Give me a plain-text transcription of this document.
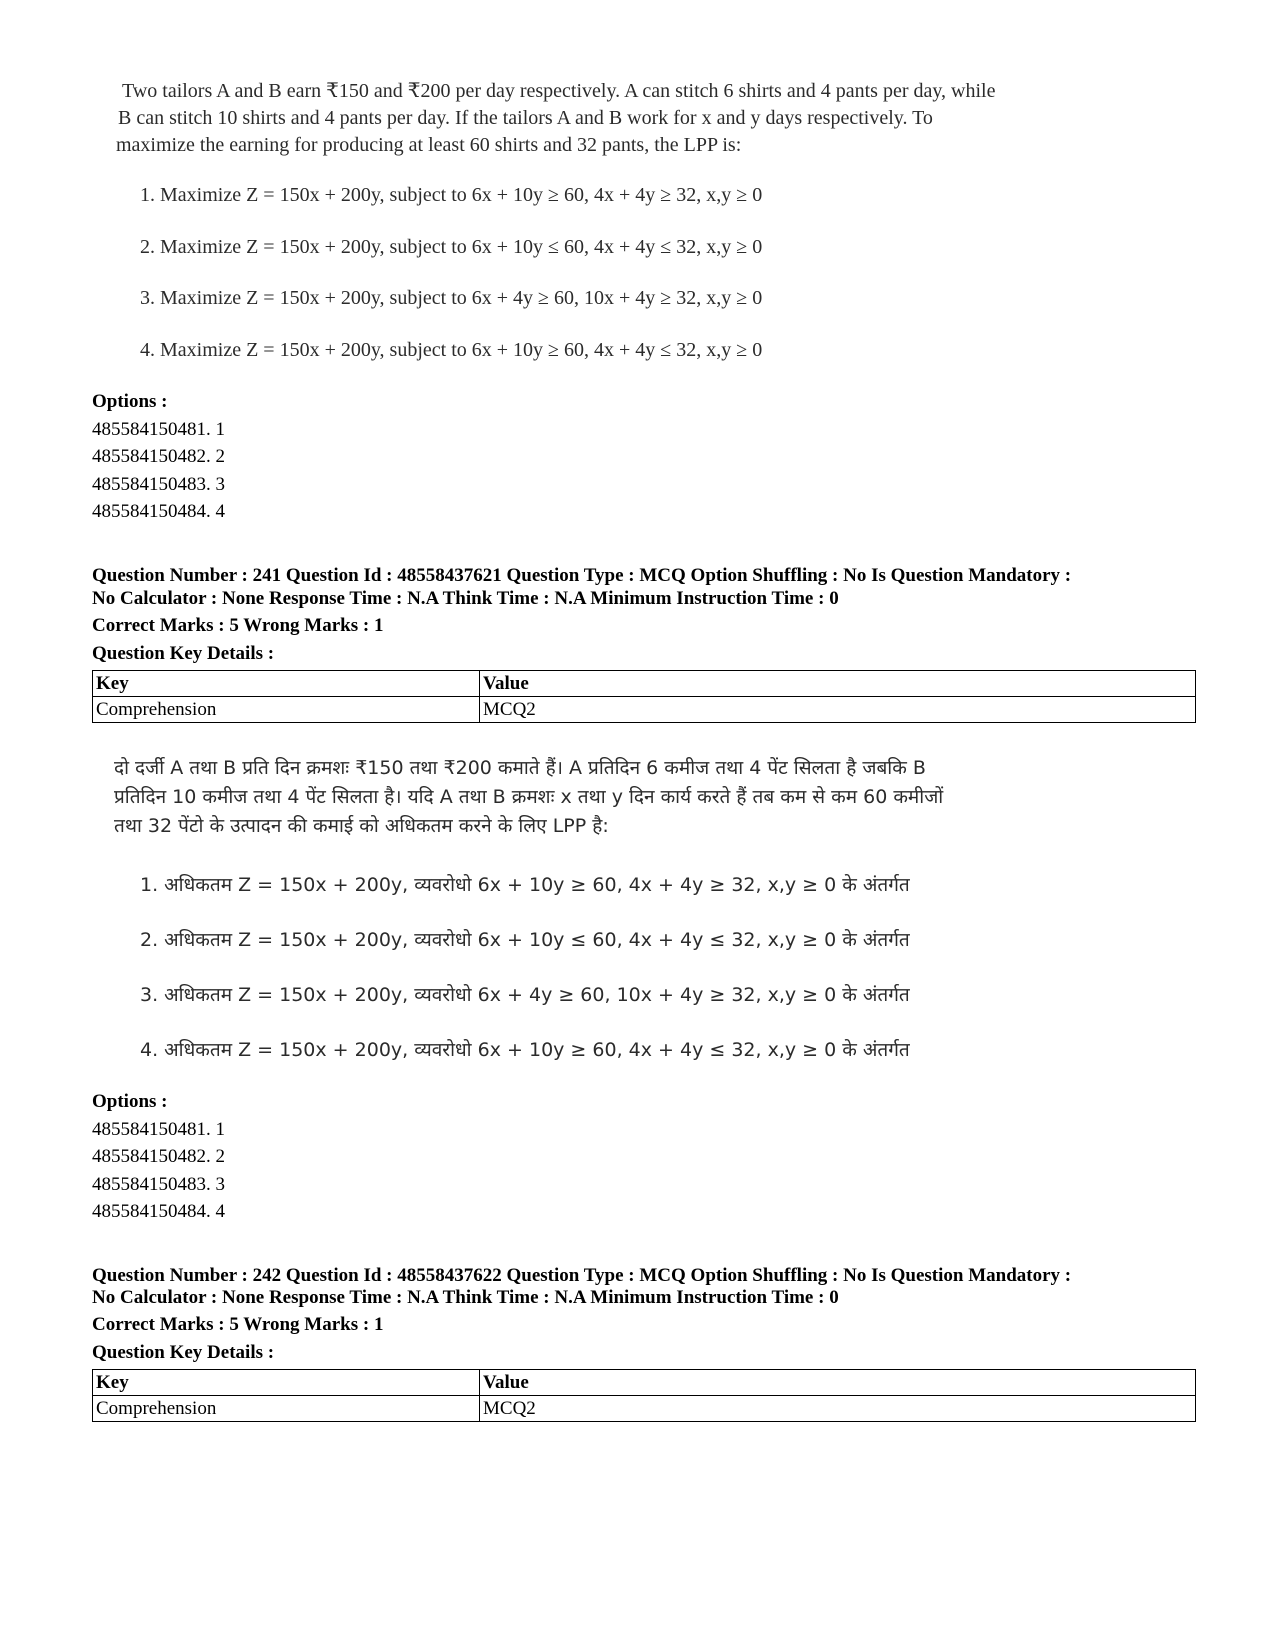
Two tailors A and B earn ₹150 and ₹200 per day respectively. A can stitch 6 shirts and 4 pants per day, while

B can stitch 10 shirts and 4 pants per day. If the tailors A and B work for x and y days respectively. To

maximize the earning for producing at least 60 shirts and 32 pants, the LPP is:

1. Maximize Z = 150x + 200y, subject to 6x + 10y ≥ 60, 4x + 4y ≥ 32, x,y ≥ 0

2. Maximize Z = 150x + 200y, subject to 6x + 10y ≤ 60, 4x + 4y ≤ 32, x,y ≥ 0

3. Maximize Z = 150x + 200y, subject to 6x + 4y ≥ 60, 10x + 4y ≥ 32, x,y ≥ 0

4. Maximize Z = 150x + 200y, subject to 6x + 10y ≥ 60, 4x + 4y ≤ 32, x,y ≥ 0

Options :

485584150481. 1

485584150482. 2

485584150483. 3

485584150484. 4

Question Number : 241 Question Id : 48558437621 Question Type : MCQ Option Shuffling : No Is Question Mandatory :

No Calculator : None Response Time : N.A Think Time : N.A Minimum Instruction Time : 0

Correct Marks : 5 Wrong Marks : 1

Question Key Details :

Key	Value
Comprehension	MCQ2

दो दर्जी A तथा B प्रति दिन क्रमशः ₹150 तथा ₹200 कमाते हैं। A प्रतिदिन 6 कमीज तथा 4 पेंट सिलता है जबकि B

प्रतिदिन 10 कमीज तथा 4 पेंट सिलता है। यदि A तथा B क्रमशः x तथा y दिन कार्य करते हैं तब कम से कम 60 कमीजों

तथा 32 पेंटो के उत्पादन की कमाई को अधिकतम करने के लिए LPP है:

1. अधिकतम Z = 150x + 200y, व्यवरोधो 6x + 10y ≥ 60, 4x + 4y ≥ 32, x,y ≥ 0 के अंतर्गत

2. अधिकतम Z = 150x + 200y, व्यवरोधो 6x + 10y ≤ 60, 4x + 4y ≤ 32, x,y ≥ 0 के अंतर्गत

3. अधिकतम Z = 150x + 200y, व्यवरोधो 6x + 4y ≥ 60, 10x + 4y ≥ 32, x,y ≥ 0 के अंतर्गत

4. अधिकतम Z = 150x + 200y, व्यवरोधो 6x + 10y ≥ 60, 4x + 4y ≤ 32, x,y ≥ 0 के अंतर्गत

Options :

485584150481. 1

485584150482. 2

485584150483. 3

485584150484. 4

Question Number : 242 Question Id : 48558437622 Question Type : MCQ Option Shuffling : No Is Question Mandatory :

No Calculator : None Response Time : N.A Think Time : N.A Minimum Instruction Time : 0

Correct Marks : 5 Wrong Marks : 1

Question Key Details :

Key	Value
Comprehension	MCQ2
